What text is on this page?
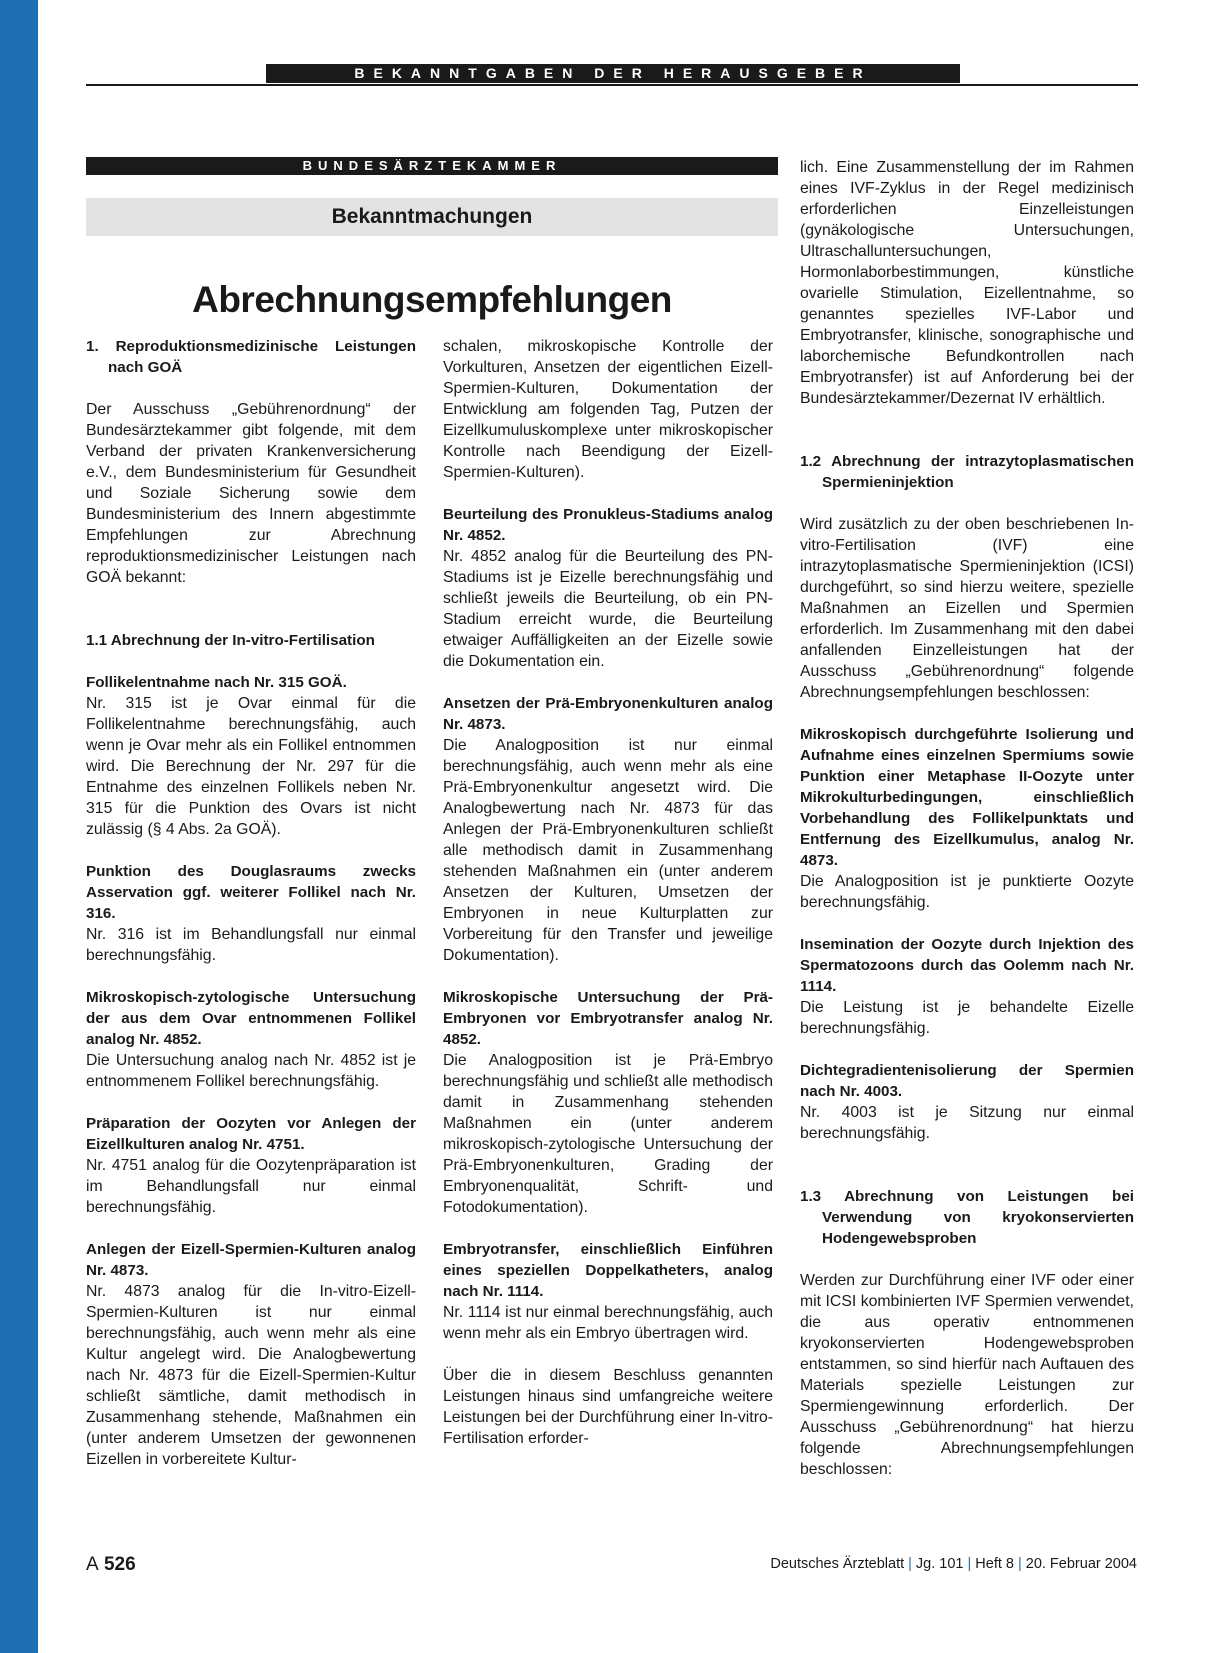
BEKANNTGABEN DER HERAUSGEBER
BUNDESÄRZTEKAMMER
Bekanntmachungen
Abrechnungsempfehlungen

1. Reproduktionsmedizinische Leistungen nach GOÄ

Der Ausschuss „Gebührenordnung“ der Bundesärztekammer gibt folgende, mit dem Verband der privaten Krankenversicherung e.V., dem Bundesministerium für Gesundheit und Soziale Sicherung sowie dem Bundesministerium des Innern abgestimmte Empfehlungen zur Abrechnung reproduktionsmedizinischer Leistungen nach GOÄ bekannt:

1.1 Abrechnung der In-vitro-Fertilisation

Follikelentnahme nach Nr. 315 GOÄ.

Nr. 315 ist je Ovar einmal für die Follikelentnahme berechnungsfähig, auch wenn je Ovar mehr als ein Follikel entnommen wird. Die Berechnung der Nr. 297 für die Entnahme des einzelnen Follikels neben Nr. 315 für die Punktion des Ovars ist nicht zulässig (§ 4 Abs. 2a GOÄ).

Punktion des Douglasraums zwecks Asservation ggf. weiterer Follikel nach Nr. 316.

Nr. 316 ist im Behandlungsfall nur einmal berechnungsfähig.

Mikroskopisch-zytologische Untersuchung der aus dem Ovar entnommenen Follikel analog Nr. 4852.

Die Untersuchung analog nach Nr. 4852 ist je entnommenem Follikel berechnungsfähig.

Präparation der Oozyten vor Anlegen der Eizellkulturen analog Nr. 4751.

Nr. 4751 analog für die Oozytenpräparation ist im Behandlungsfall nur einmal berechnungsfähig.

Anlegen der Eizell-Spermien-Kulturen analog Nr. 4873.

Nr. 4873 analog für die In-vitro-Eizell-Spermien-Kulturen ist nur einmal berechnungsfähig, auch wenn mehr als eine Kultur angelegt wird. Die Analogbewertung nach Nr. 4873 für die Eizell-Spermien-Kultur schließt sämtliche, damit methodisch in Zusammenhang stehende, Maßnahmen ein (unter anderem Umsetzen der gewonnenen Eizellen in vorbereitete Kultur-

schalen, mikroskopische Kontrolle der Vorkulturen, Ansetzen der eigentlichen Eizell-Spermien-Kulturen, Dokumentation der Entwicklung am folgenden Tag, Putzen der Eizellkumuluskomplexe unter mikroskopischer Kontrolle nach Beendigung der Eizell-Spermien-Kulturen).

Beurteilung des Pronukleus-Stadiums analog Nr. 4852.

Nr. 4852 analog für die Beurteilung des PN-Stadiums ist je Eizelle berechnungsfähig und schließt jeweils die Beurteilung, ob ein PN-Stadium erreicht wurde, die Beurteilung etwaiger Auffälligkeiten an der Eizelle sowie die Dokumentation ein.

Ansetzen der Prä-Embryonenkulturen analog Nr. 4873.

Die Analogposition ist nur einmal berechnungsfähig, auch wenn mehr als eine Prä-Embryonenkultur angesetzt wird. Die Analogbewertung nach Nr. 4873 für das Anlegen der Prä-Embryonenkulturen schließt alle methodisch damit in Zusammenhang stehenden Maßnahmen ein (unter anderem Ansetzen der Kulturen, Umsetzen der Embryonen in neue Kulturplatten zur Vorbereitung für den Transfer und jeweilige Dokumentation).

Mikroskopische Untersuchung der Prä-Embryonen vor Embryotransfer analog Nr. 4852.

Die Analogposition ist je Prä-Embryo berechnungsfähig und schließt alle methodisch damit in Zusammenhang stehenden Maßnahmen ein (unter anderem mikroskopisch-zytologische Untersuchung der Prä-Embryonenkulturen, Grading der Embryonenqualität, Schrift- und Fotodokumentation).

Embryotransfer, einschließlich Einführen eines speziellen Doppelkatheters, analog nach Nr. 1114.

Nr. 1114 ist nur einmal berechnungsfähig, auch wenn mehr als ein Embryo übertragen wird.

Über die in diesem Beschluss genannten Leistungen hinaus sind umfangreiche weitere Leistungen bei der Durchführung einer In-vitro-Fertilisation erforder-

lich. Eine Zusammenstellung der im Rahmen eines IVF-Zyklus in der Regel medizinisch erforderlichen Einzelleistungen (gynäkologische Untersuchungen, Ultraschalluntersuchungen, Hormonlaborbestimmungen, künstliche ovarielle Stimulation, Eizellentnahme, so genanntes spezielles IVF-Labor und Embryotransfer, klinische, sonographische und laborchemische Befundkontrollen nach Embryotransfer) ist auf Anforderung bei der Bundesärztekammer/Dezernat IV erhältlich.

1.2 Abrechnung der intrazytoplasmatischen Spermieninjektion

Wird zusätzlich zu der oben beschriebenen In-vitro-Fertilisation (IVF) eine intrazytoplasmatische Spermieninjektion (ICSI) durchgeführt, so sind hierzu weitere, spezielle Maßnahmen an Eizellen und Spermien erforderlich. Im Zusammenhang mit den dabei anfallenden Einzelleistungen hat der Ausschuss „Gebührenordnung“ folgende Abrechnungsempfehlungen beschlossen:

Mikroskopisch durchgeführte Isolierung und Aufnahme eines einzelnen Spermiums sowie Punktion einer Metaphase II-Oozyte unter Mikrokulturbedingungen, einschließlich Vorbehandlung des Follikelpunktats und Entfernung des Eizellkumulus, analog Nr. 4873.

Die Analogposition ist je punktierte Oozyte berechnungsfähig.

Insemination der Oozyte durch Injektion des Spermatozoons durch das Oolemm nach Nr. 1114.

Die Leistung ist je behandelte Eizelle berechnungsfähig.

Dichtegradientenisolierung der Spermien nach Nr. 4003.

Nr. 4003 ist je Sitzung nur einmal berechnungsfähig.

1.3 Abrechnung von Leistungen bei Verwendung von kryokonservierten Hodengewebsproben

Werden zur Durchführung einer IVF oder einer mit ICSI kombinierten IVF Spermien verwendet, die aus operativ entnommenen kryokonservierten Hodengewebsproben entstammen, so sind hierfür nach Auftauen des Materials spezielle Leistungen zur Spermiengewinnung erforderlich. Der Ausschuss „Gebührenordnung“ hat hierzu folgende Abrechnungsempfehlungen beschlossen:

A 526	Deutsches Ärzteblatt | Jg. 101 | Heft 8 | 20. Februar 2004
